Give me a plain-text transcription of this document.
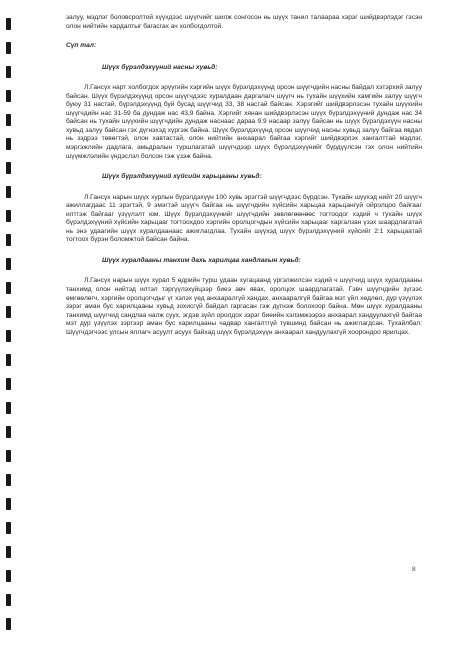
залуу, мэдлэг боловсролтой хүүхдээс шүүгчийг шилж сонгосон нь шүүх танил талаараа хэрэг шийдвэрлэдэг гэсэн олон нийтийн хардалтыг багасгах ач холбогдолтой.

Сүп тал:
Шүүх бүрэлдэхүүний насны хувьд:

Л.Гансүх нарт холбогдох эрүүгийн хэргийн шүүх бүрэлдэхүүнд орсон шүүгчдийн насны байдал хэтэрхий залуу байсан. Шүүх бүрэлдэхүүнд орсон шүүгчдээс хуралдаан даргалагч шүүгч нь тухайн шүүхийн хамгийн залуу шүүгч буюу 31 настай, бүрэлдэхүүнд буй бусад шүүгчид 33, 38 настай байсан. Хэрэгийг шийдвэрлэсэн тухайн шүүхийн шүүгчдийн нас 31-59 ба дундаж нас 43,9 байна. Хэргийг хянан шийдвэрлэсэн шүүх бүрэлдэхүүний дундаж нас 34 байсан нь тухайн шүүхийн шүүгчдийн дундаж наснаас дараа 9.9 насаар залуу байсан нь шүүх бүрэлдэхүүн насны хувьд залуу байсан гэх дүгнэхэд хүргэж байна. Шүүх бүрэлдэхүүнд орсон шүүгчид насны хувьд залуу байгаа явдал нь зэдрээ төвөгтэй, олон хавтастай, олон нийтийн анхаарал байгаа хэргийг шийдвэрлэх хангалттай мэдлэг, мэргэжлийн дадлага, амьдралын туршлагатай шүүгчдээр шүүх бүрэлдэхүүнийг бүрдүүлсэн гэх олон нийтийн шүүмжлэлийн үндэслэл болсон гэж үзэж байна.

Шүүх бүрэлдэхүүний хүйсийн харьцааны хувьд:

Л.Гансүх нарын шүүх хурлын бүрэлдэхүүн 100 хувь эрэгтэй шүүгчдээс бүрдсэн. Тухайн шүүхэд нийт 20 шүүгч ажиллагдаас 11 эрэгтэй, 9 эмэгтэй шүүгч байгаа нь шүүгчдийн хүйсийн харьцаа харьцангуй ойролцоо байгааг илтгэж байгааг үзүүлэлт юм. Шүүх бүрэлдэхүүнийг шүүгчдийн зөвлөгөөнөөс тогтоодог хэдий ч тухайн шүүх бүрэлдэхүүний хүйсийн харьцааг тогтоохдоо хэргийн оролцогчдын хүйсийн харьцааг харгалзан үзэх шаардлагатай нь энэ удаагийн шүүх хуралдаанаас ажиглагдлаа. Тухайн шүүхэд шүүх бүрэлдэхүүний хүйсийг 2:1 харьцаатай тогтоох бүрэн боломжтой байсан байна.

Шүүх хуралдааны танхим дахь харилцаа хандлагын хувьд:

Л.Гансүх нарын шүүх хурал 5 өдрийн турш удаан хугацаанд үргэлжилсэн хэдий ч шүүгчид шүүх хуралдааны танхимд олон нийтэд илтэл тэргүүлэхүйцээр биеэ авч явах, оролцох шаардлагатай. Гэвч шүүгчдийн зүгээс өмгөөлөгч, хэргийн оролцогчдыг үг хэлэх үед анхааралгүй хандах, анхааралгүй байгаа мэт үйл хөдлөл, дур үзүүлэх зэрэг аман бус харилцааны хувьд зохисгүй байдал гаргасан гэж дүгнэж болохоор байна. Мөн шүүх хуралдааны танхимд шүүгчид сандлаа налж суух, эгдэв зүйл оролдох зэрэг биеийн хэлэмжээрээ анхаарал хандуулахгүй байгаа мэт дур үзүүлэх зэргээр аман бус харилцааны чадвар хангалтгүй түвшинд байсан нь ажиглагдсан. Тухайлбал: Шүүгчдэгчээс улсын яллагч асуулт асуух байхад шүүх бүрэлдэхүүн анхаарал хандуулахгүй хоорондоо ярилцах.

8
